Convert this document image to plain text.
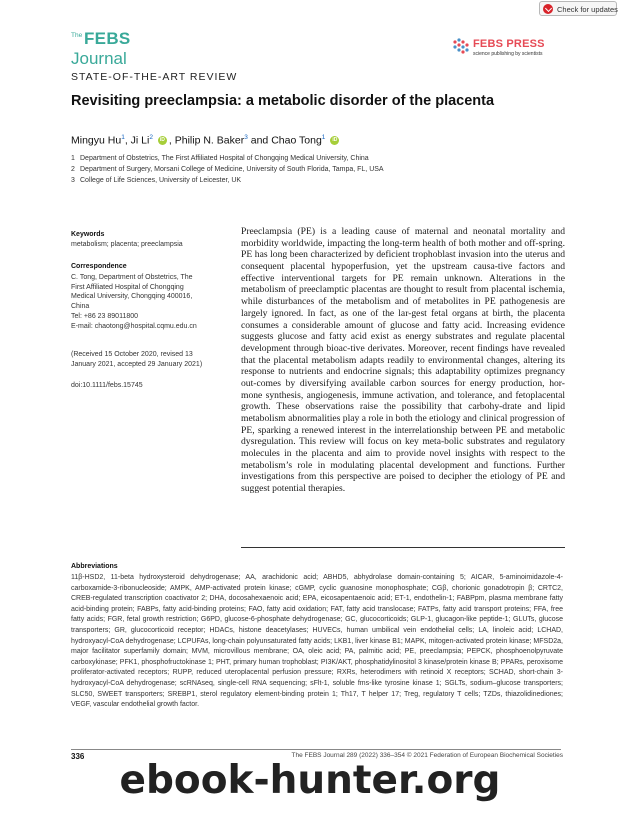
Check for updates
The FEBS
Journal
FEBS PRESS
science publishing by scientists
STATE-OF-THE-ART REVIEW
Revisiting preeclampsia: a metabolic disorder of the placenta
Mingyu Hu$^1$, Ji Li$^2$ iD , Philip N. Baker$^3$ and Chao Tong$^1$ iD
1 Department of Obstetrics, The First Affiliated Hospital of Chongqing Medical University, China
2 Department of Surgery, Morsani College of Medicine, University of South Florida, Tampa, FL, USA
3 College of Life Sciences, University of Leicester, UK
Keywords
metabolism; placenta; preeclampsia
Correspondence
C. Tong, Department of Obstetrics, The
First Affiliated Hospital of Chongqing
Medical University, Chongqing 400016,
China
Tel: +86 23 89011800
E-mail: chaotong@hospital.cqmu.edu.cn
(Received 15 October 2020, revised 13
January 2021, accepted 29 January 2021)
doi:10.1111/febs.15745

Preeclampsia (PE) is a leading cause of maternal and neonatal mortality and morbidity worldwide, impacting the long-term health of both mother and off-spring. PE has long been characterized by deficient trophoblast invasion into the uterus and consequent placental hypoperfusion, yet the upstream causa-tive factors and effective interventional targets for PE remain unknown. Alterations in the metabolism of preeclamptic placentas are thought to result from placental ischemia, while disturbances of the metabolism and of metabolites in PE pathogenesis are largely ignored. In fact, as one of the lar-gest fetal organs at birth, the placenta consumes a considerable amount of glucose and fatty acid. Increasing evidence suggests glucose and fatty acid exist as energy substrates and regulate placental development through bioac-tive derivates. Moreover, recent findings have revealed that the placental metabolism adapts readily to environmental changes, altering its response to nutrients and endocrine signals; this adaptability optimizes pregnancy out-comes by diversifying available carbon sources for energy production, hor-mone synthesis, angiogenesis, immune activation, and tolerance, and fetoplacental growth. These observations raise the possibility that carbohy-drate and lipid metabolism abnormalities play a role in both the etiology and clinical progression of PE, sparking a renewed interest in the interrelationship between PE and metabolic dysregulation. This review will focus on key meta-bolic substrates and regulatory molecules in the placenta and aim to provide novel insights with respect to the metabolism’s role in modulating placental development and functions. Further investigations from this perspective are poised to decipher the etiology of PE and suggest potential therapies.

Abbreviations

11β-HSD2, 11-beta hydroxysteroid dehydrogenase; AA, arachidonic acid; ABHD5, abhydrolase domain-containing 5; AICAR, 5-aminoimidazole-4-carboxamide-3-ribonucleoside; AMPK, AMP-activated protein kinase; cGMP, cyclic guanosine monophosphate; CGβ, chorionic gonadotropin β; CRTC2, CREB-regulated transcription coactivator 2; DHA, docosahexaenoic acid; EPA, eicosapentaenoic acid; ET-1, endothelin-1; FABPpm, plasma membrane fatty acid-binding protein; FABPs, fatty acid-binding proteins; FAO, fatty acid oxidation; FAT, fatty acid translocase; FATPs, fatty acid transport proteins; FFA, free fatty acids; FGR, fetal growth restriction; G6PD, glucose-6-phosphate dehydrogenase; GC, glucocorticoids; GLP-1, glucagon-like peptide-1; GLUTs, glucose transporters; GR, glucocorticoid receptor; HDACs, histone deacetylases; HUVECs, human umbilical vein endothelial cells; LA, linoleic acid; LCHAD, hydroxyacyl-CoA dehydrogenase; LCPUFAs, long-chain polyunsaturated fatty acids; LKB1, liver kinase B1; MAPK, mitogen-activated protein kinase; MFSD2a, major facilitator superfamily domain; MVM, microvillous membrane; OA, oleic acid; PA, palmitic acid; PE, preeclampsia; PEPCK, phosphoenolpyruvate carboxykinase; PFK1, phosphofructokinase 1; PHT, primary human trophoblast; PI3K/AKT, phosphatidylinositol 3 kinase/protein kinase B; PPARs, peroxisome proliferator-activated receptors; RUPP, reduced uteroplacental perfusion pressure; RXRs, heterodimers with retinoid X receptors; SCHAD, short-chain 3-hydroxyacyl-CoA dehydrogenase; scRNAseq, single-cell RNA sequencing; sFlt-1, soluble fms-like tyrosine kinase 1; SGLTs, sodium–glucose transporters; SLC50, SWEET transporters; SREBP1, sterol regulatory element-binding protein 1; Th17, T helper 17; Treg, regulatory T cells; TZDs, thiazolidinediones; VEGF, vascular endothelial growth factor.

336	The FEBS Journal 289 (2022) 336–354 © 2021 Federation of European Biochemical Societies
ebook-hunter.org
